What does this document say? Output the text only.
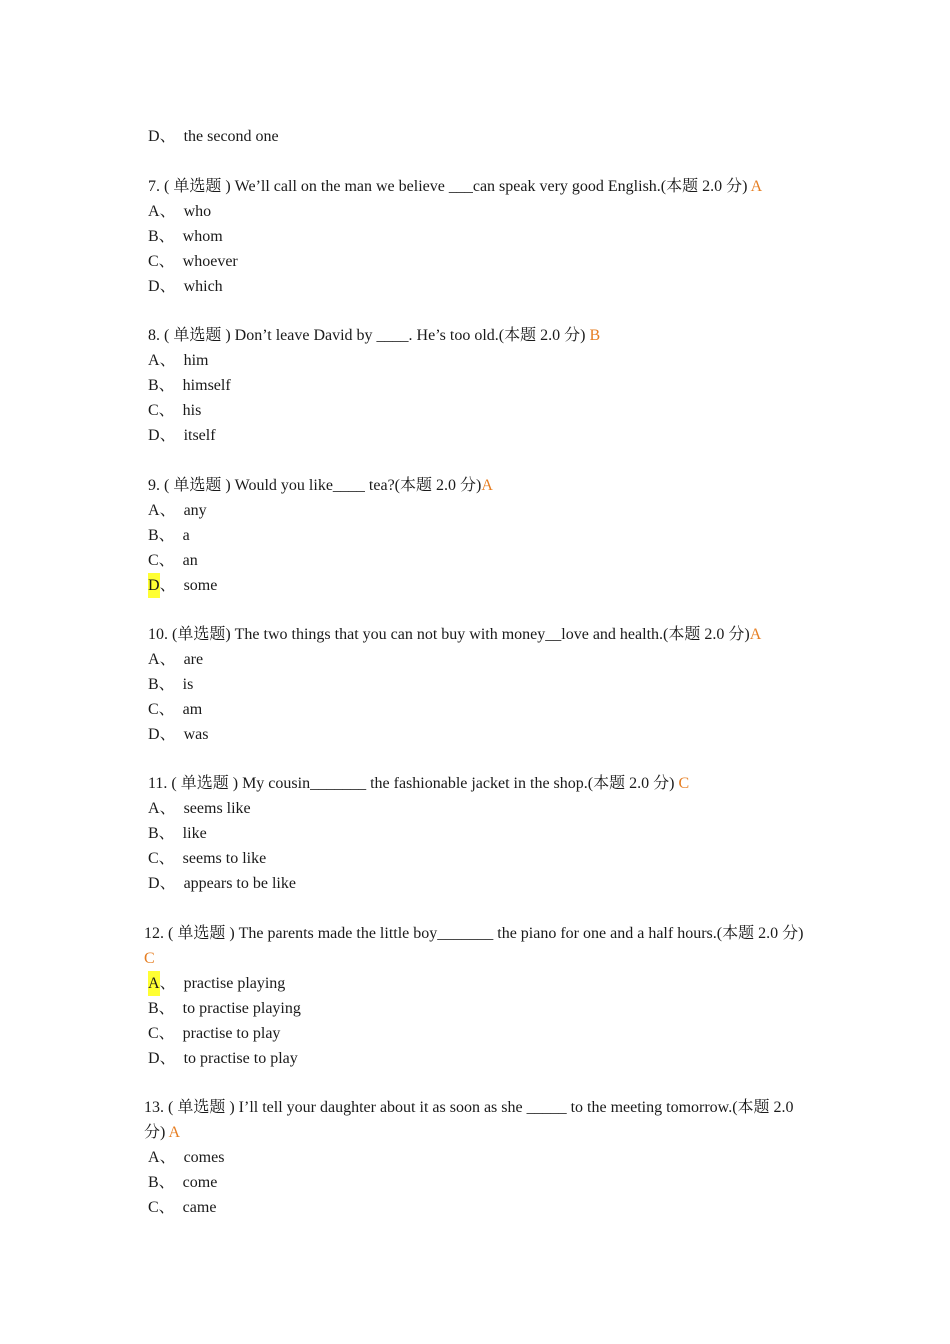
D、 the second one
7. ( 单选题 ) We’ll call on the man we believe ___can speak very good English.(本题 2.0 分) A
A、 who
B、 whom
C、 whoever
D、 which
8. ( 单选题 ) Don’t leave David by ____. He’s too old.(本题 2.0 分) B
A、 him
B、 himself
C、 his
D、 itself
9. ( 单选题 ) Would you like____ tea?(本题 2.0 分)A
A、 any
B、 a
C、 an
D、 some
10. (单选题) The two things that you can not buy with money__love and health.(本题 2.0 分)A
A、 are
B、 is
C、 am
D、 was
11. ( 单选题 ) My cousin_______ the fashionable jacket in the shop.(本题 2.0 分) C
A、 seems like
B、 like
C、 seems to like
D、 appears to be like
12. ( 单选题 ) The parents made the little boy_______ the piano for one and a half hours.(本题 2.0 分) C
A、 practise playing
B、 to practise playing
C、 practise to play
D、 to practise to play
13. ( 单选题 ) I’ll tell your daughter about it as soon as she _____ to the meeting tomorrow.(本题 2.0 分) A
A、 comes
B、 come
C、 came
